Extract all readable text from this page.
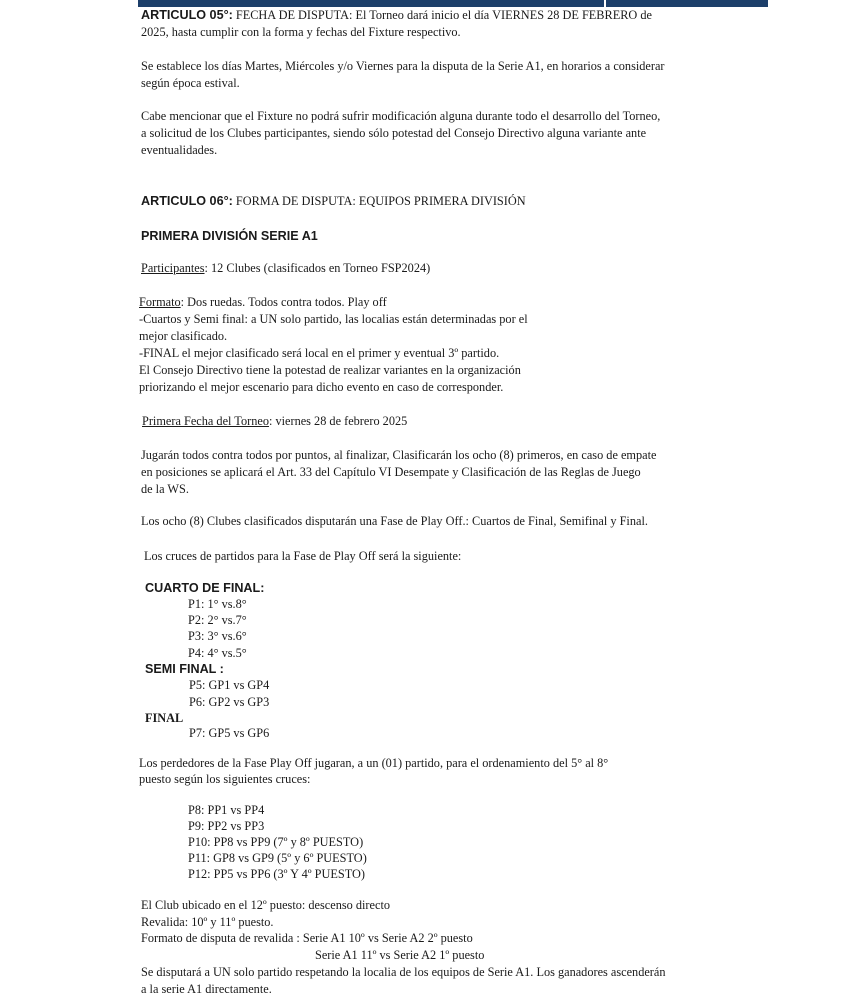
ARTICULO 05°: FECHA DE DISPUTA: El Torneo dará inicio el día VIERNES 28 DE FEBRERO de
2025, hasta cumplir con la forma y fechas del Fixture respectivo.
Se establece los días Martes, Miércoles y/o Viernes para la disputa de la Serie A1, en horarios a considerar
según época estival.
Cabe mencionar que el Fixture no podrá sufrir modificación alguna durante todo el desarrollo del Torneo,
a solicitud de los Clubes participantes, siendo sólo potestad del Consejo Directivo alguna variante ante
eventualidades.
ARTICULO 06°: FORMA DE DISPUTA: EQUIPOS PRIMERA DIVISIÓN
PRIMERA DIVISIÓN SERIE A1
Participantes: 12 Clubes (clasificados en Torneo FSP2024)
Formato: Dos ruedas. Todos contra todos. Play off
-Cuartos y Semi final: a UN solo partido, las localias están determinadas por el
mejor clasificado.
-FINAL el mejor clasificado será local en el primer y eventual 3º partido.
El Consejo Directivo tiene la potestad de realizar variantes en la organización
priorizando el mejor escenario para dicho evento en caso de corresponder.
Primera Fecha del Torneo: viernes 28 de febrero 2025
Jugarán todos contra todos por puntos, al finalizar, Clasificarán los ocho (8) primeros, en caso de empate
en posiciones se aplicará el Art. 33 del Capítulo VI Desempate y Clasificación de las Reglas de Juego
de la WS.
Los ocho (8) Clubes clasificados disputarán una Fase de Play Off.: Cuartos de Final, Semifinal y Final.
Los cruces de partidos para la Fase de Play Off será la siguiente:
CUARTO DE FINAL:
P1: 1° vs.8°
P2: 2° vs.7°
P3: 3° vs.6°
P4: 4° vs.5°
SEMI FINAL :
P5: GP1 vs GP4
P6: GP2 vs GP3
FINAL
P7: GP5 vs GP6
Los perdedores de la Fase Play Off jugaran, a un (01) partido, para el ordenamiento del 5° al 8°
puesto según los siguientes cruces:
P8: PP1 vs PP4
P9: PP2 vs PP3
P10: PP8 vs PP9 (7º y 8º PUESTO)
P11: GP8 vs GP9 (5º y 6º PUESTO)
P12: PP5 vs PP6 (3º Y 4º PUESTO)
El Club ubicado en el 12º puesto: descenso directo
Revalida: 10º y 11º puesto.
Formato de disputa de revalida : Serie A1 10º vs Serie A2 2º puesto
Serie A1 11º vs Serie A2 1º puesto
Se disputará a UN solo partido respetando la localia de los equipos de Serie A1. Los ganadores ascenderán
a la serie A1 directamente.
